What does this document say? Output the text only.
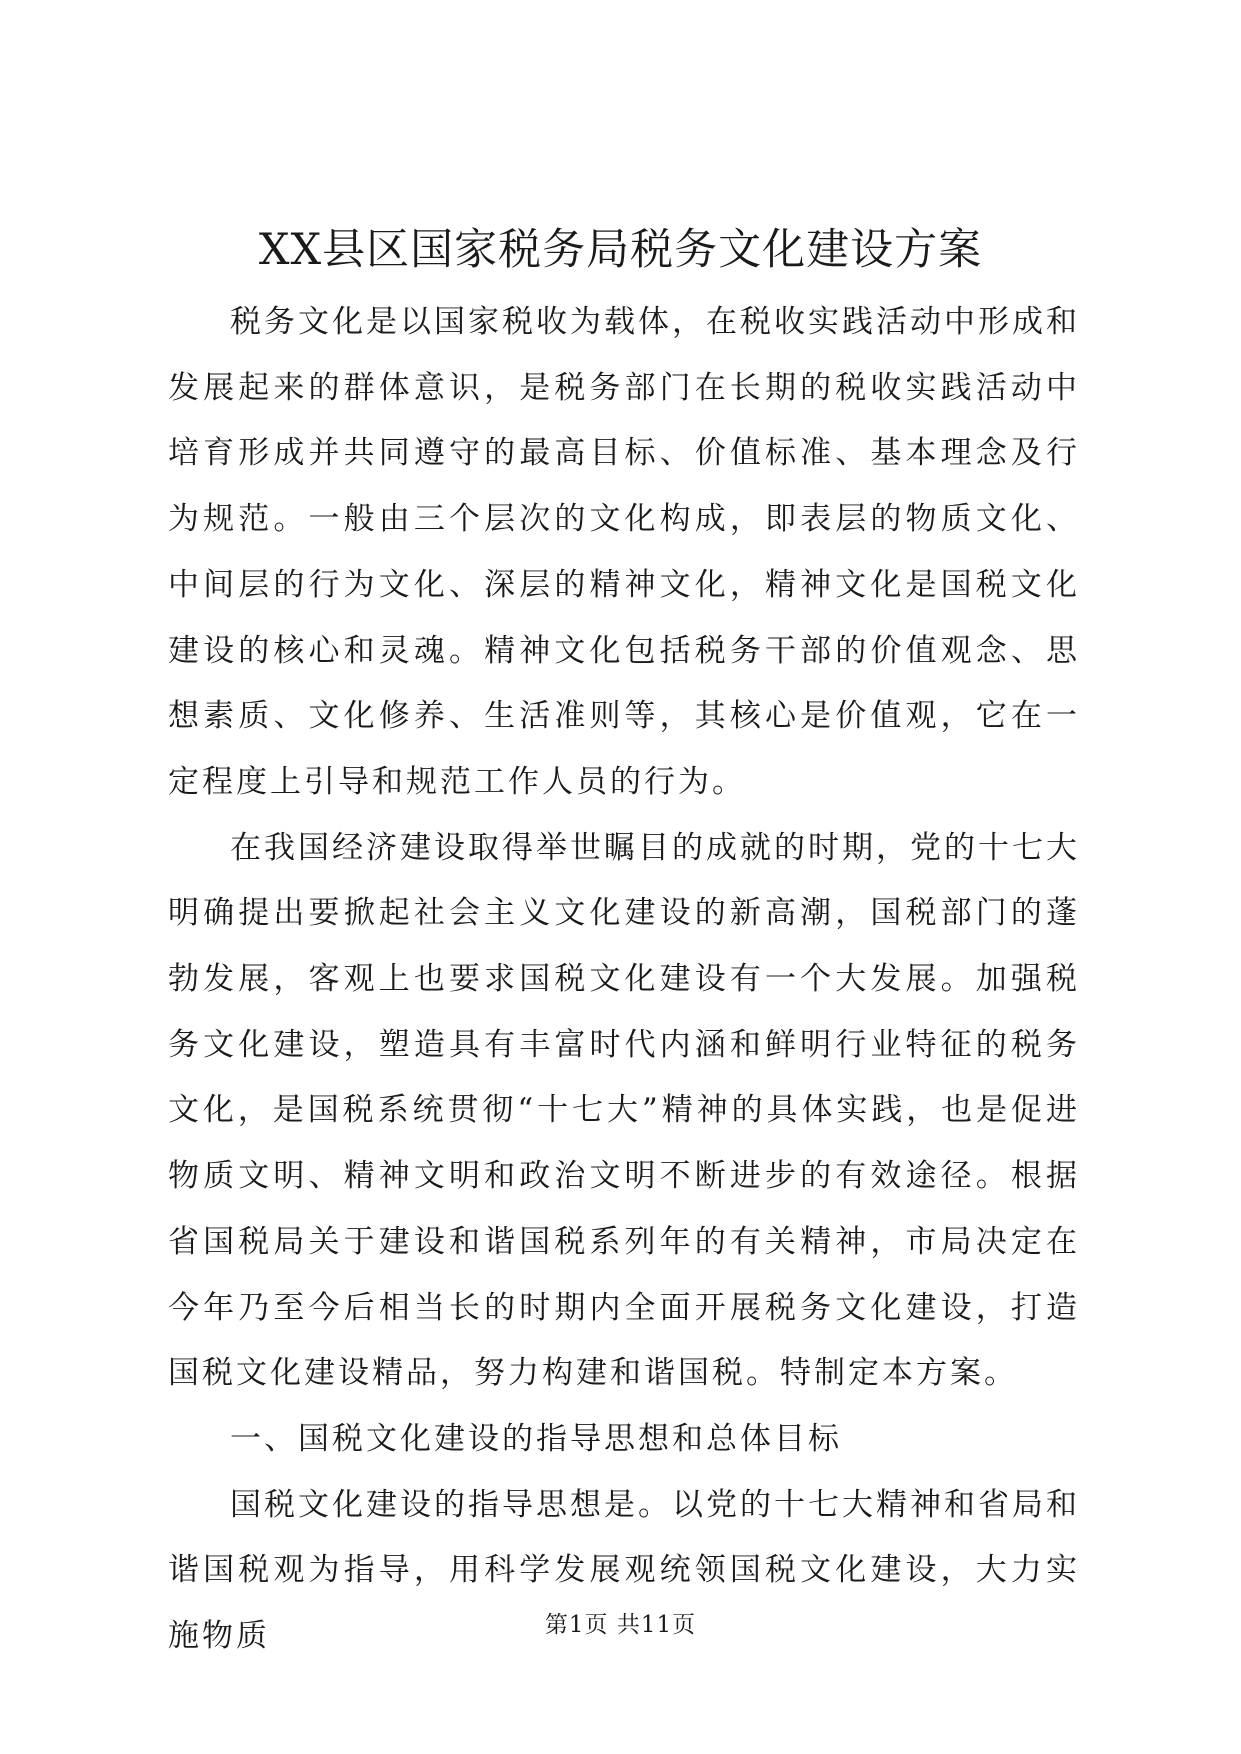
XX县区国家税务局税务文化建设方案

税务文化是以国家税收为载体，在税收实践活动中形成和发展起来的群体意识，是税务部门在长期的税收实践活动中培育形成并共同遵守的最高目标、价值标准、基本理念及行为规范。一般由三个层次的文化构成，即表层的物质文化、中间层的行为文化、深层的精神文化，精神文化是国税文化建设的核心和灵魂。精神文化包括税务干部的价值观念、思想素质、文化修养、生活准则等，其核心是价值观，它在一定程度上引导和规范工作人员的行为。

在我国经济建设取得举世瞩目的成就的时期，党的十七大明确提出要掀起社会主义文化建设的新高潮，国税部门的蓬勃发展，客观上也要求国税文化建设有一个大发展。加强税务文化建设，塑造具有丰富时代内涵和鲜明行业特征的税务文化，是国税系统贯彻“十七大”精神的具体实践，也是促进物质文明、精神文明和政治文明不断进步的有效途径。根据省国税局关于建设和谐国税系列年的有关精神，市局决定在今年乃至今后相当长的时期内全面开展税务文化建设，打造国税文化建设精品，努力构建和谐国税。特制定本方案。

一、国税文化建设的指导思想和总体目标

国税文化建设的指导思想是。以党的十七大精神和省局和谐国税观为指导，用科学发展观统领国税文化建设，大力实施物质	第1页 共11页
